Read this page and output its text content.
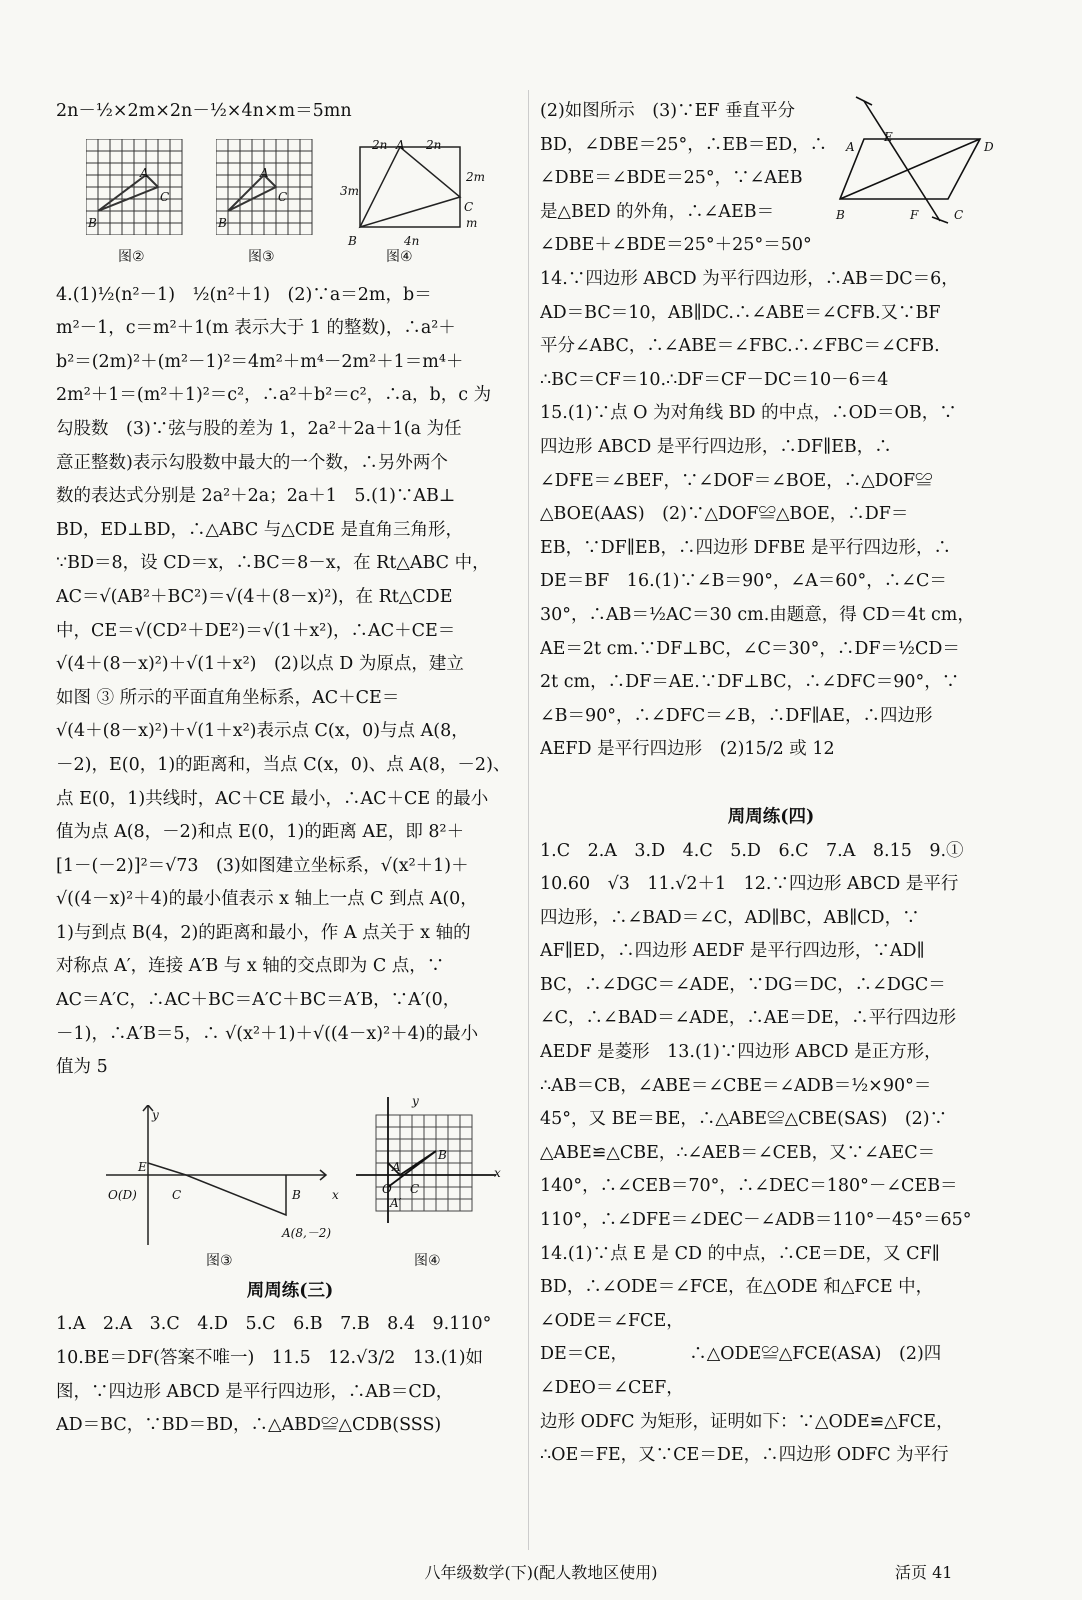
2n－½×2m×2n－½×4n×m＝5mn
A
B
C
图②
A
B
C
图③
2n A 2n
2m
3m
C
m
B	4n
图④
4.(1)½(n²－1)　½(n²＋1)　(2)∵a＝2m，b＝
m²－1，c＝m²＋1(m 表示大于 1 的整数)，∴a²＋
b²＝(2m)²＋(m²－1)²＝4m²＋m⁴－2m²＋1＝m⁴＋
2m²＋1＝(m²＋1)²＝c²，∴a²＋b²＝c²，∴a，b，c 为
勾股数　(3)∵弦与股的差为 1，2a²＋2a＋1(a 为任
意正整数)表示勾股数中最大的一个数，∴另外两个
数的表达式分别是 2a²＋2a；2a＋1　5.(1)∵AB⊥
BD，ED⊥BD，∴△ABC 与△CDE 是直角三角形，
∵BD＝8，设 CD＝x，∴BC＝8－x，在 Rt△ABC 中，
AC＝√(AB²＋BC²)＝√(4＋(8－x)²)，在 Rt△CDE
中，CE＝√(CD²＋DE²)＝√(1＋x²)，∴AC＋CE＝
√(4＋(8－x)²)＋√(1＋x²)　(2)以点 D 为原点，建立
如图 ③ 所示的平面直角坐标系，AC＋CE＝
√(4＋(8－x)²)＋√(1＋x²)表示点 C(x，0)与点 A(8，
－2)，E(0，1)的距离和，当点 C(x，0)、点 A(8，－2)、
点 E(0，1)共线时，AC＋CE 最小，∴AC＋CE 的最小
值为点 A(8，－2)和点 E(0，1)的距离 AE，即 8²＋
[1－(－2)]²＝√73　(3)如图建立坐标系，√(x²＋1)＋
√((4－x)²＋4)的最小值表示 x 轴上一点 C 到点 A(0，
1)与到点 B(4，2)的距离和最小，作 A 点关于 x 轴的
对称点 A′，连接 A′B 与 x 轴的交点即为 C 点，∵
AC＝A′C，∴AC＋BC＝A′C＋BC＝A′B，∵A′(0，
－1)，∴A′B＝5，∴ √(x²＋1)＋√((4－x)²＋4)的最小
值为 5
y
E
O(D)	C	B	x
A(8,－2)
图③
y
x
B
A
O C
A′
图④
周周练(三)
1.A　2.A　3.C　4.D　5.C　6.B　7.B　8.4　9.110°
10.BE＝DF(答案不唯一)　11.5　12.√3/2　13.(1)如
图，∵四边形 ABCD 是平行四边形，∴AB＝CD，
AD＝BC，∵BD＝BD，∴△ABD≌△CDB(SSS)
(2)如图所示　(3)∵EF 垂直平分
BD，∠DBE＝25°，∴EB＝ED，∴
∠DBE＝∠BDE＝25°，∵∠AEB
是△BED 的外角，∴∠AEB＝
∠DBE＋∠BDE＝25°＋25°＝50°
A
E
D
B	F	C
14.∵四边形 ABCD 为平行四边形，∴AB＝DC＝6，
AD＝BC＝10，AB∥DC.∴∠ABE＝∠CFB.又∵BF
平分∠ABC，∴∠ABE＝∠FBC.∴∠FBC＝∠CFB.
∴BC＝CF＝10.∴DF＝CF－DC＝10－6＝4
15.(1)∵点 O 为对角线 BD 的中点，∴OD＝OB，∵
四边形 ABCD 是平行四边形，∴DF∥EB，∴
∠DFE＝∠BEF，∵∠DOF＝∠BOE，∴△DOF≌
△BOE(AAS)　(2)∵△DOF≌△BOE，∴DF＝
EB，∵DF∥EB，∴四边形 DFBE 是平行四边形，∴
DE＝BF　16.(1)∵∠B＝90°，∠A＝60°，∴∠C＝
30°，∴AB＝½AC＝30 cm.由题意，得 CD＝4t cm，
AE＝2t cm.∵DF⊥BC，∠C＝30°，∴DF＝½CD＝
2t cm，∴DF＝AE.∵DF⊥BC，∴∠DFC＝90°，∵
∠B＝90°，∴∠DFC＝∠B，∴DF∥AE，∴四边形
AEFD 是平行四边形　(2)15/2 或 12
周周练(四)
1.C　2.A　3.D　4.C　5.D　6.C　7.A　8.15　9.①
10.60　√3　11.√2＋1　12.∵四边形 ABCD 是平行
四边形，∴∠BAD＝∠C，AD∥BC，AB∥CD，∵
AF∥ED，∴四边形 AEDF 是平行四边形，∵AD∥
BC，∴∠DGC＝∠ADE，∵DG＝DC，∴∠DGC＝
∠C，∴∠BAD＝∠ADE，∴AE＝DE，∴平行四边形
AEDF 是菱形　13.(1)∵四边形 ABCD 是正方形，
∴AB＝CB，∠ABE＝∠CBE＝∠ADB＝½×90°＝
45°，又 BE＝BE，∴△ABE≌△CBE(SAS)　(2)∵
△ABE≌△CBE，∴∠AEB＝∠CEB，又∵∠AEC＝
140°，∴∠CEB＝70°，∴∠DEC＝180°－∠CEB＝
110°，∴∠DFE＝∠DEC－∠ADB＝110°－45°＝65°
14.(1)∵点 E 是 CD 的中点，∴CE＝DE，又 CF∥
BD，∴∠ODE＝∠FCE，在△ODE 和△FCE 中，
∠ODE＝∠FCE，
DE＝CE，　　　　∴△ODE≌△FCE(ASA)　(2)四
∠DEO＝∠CEF，
边形 ODFC 为矩形，证明如下：∵△ODE≌△FCE，
∴OE＝FE，又∵CE＝DE，∴四边形 ODFC 为平行
八年级数学(下)(配人教地区使用)	活页 41
